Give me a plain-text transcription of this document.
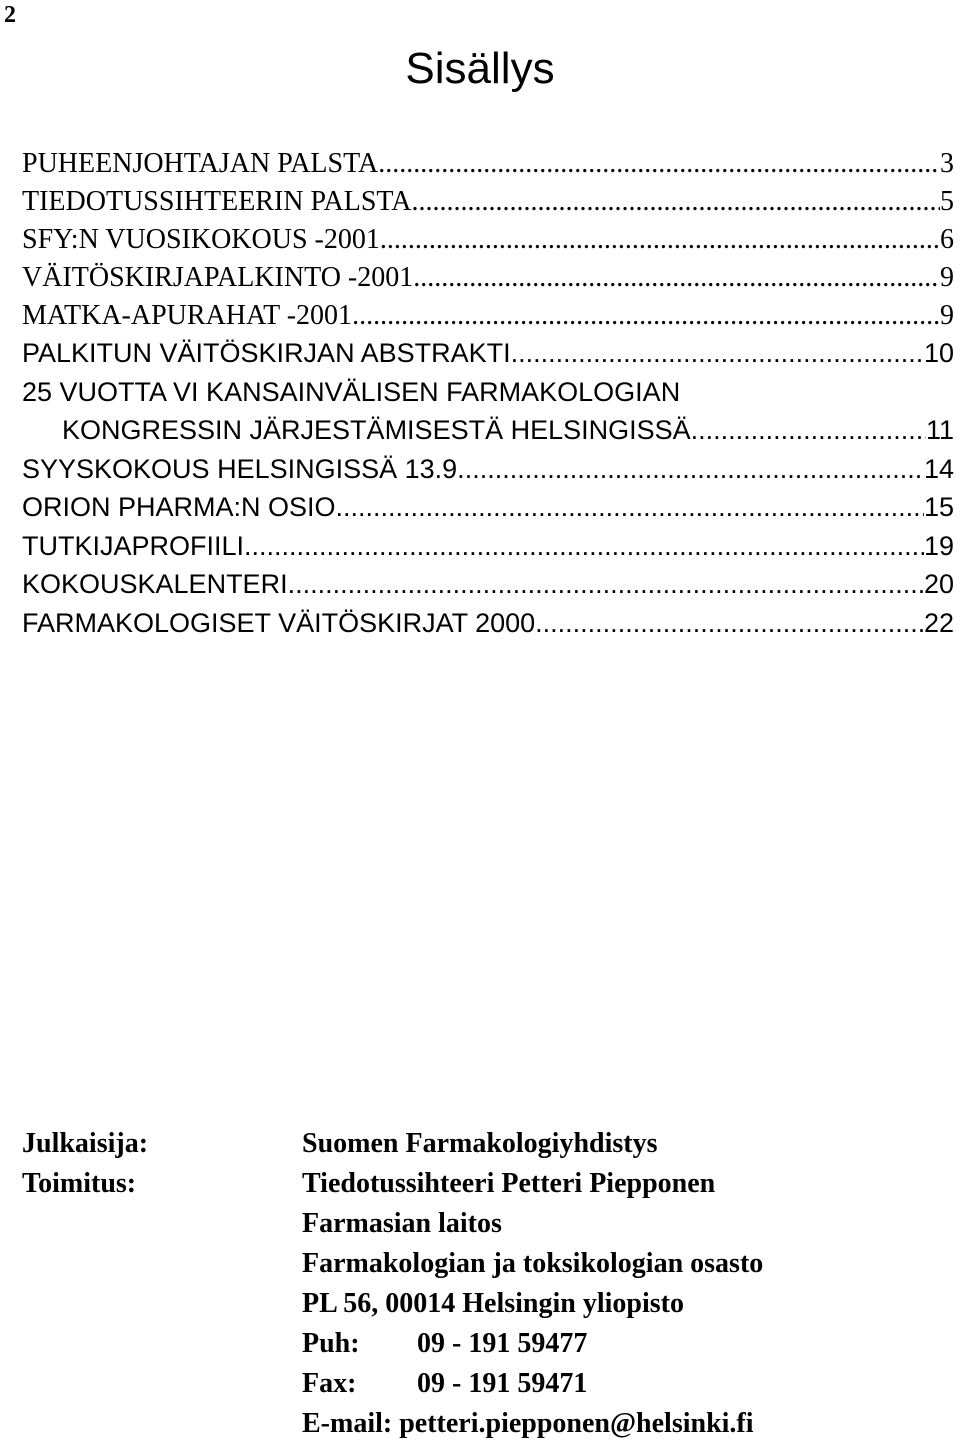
2
Sisällys
PUHEENJOHTAJAN PALSTA .....	3
TIEDOTUSSIHTEERIN PALSTA .....	5
SFY:N VUOSIKOKOUS -2001 .....	6
VÄITÖSKIRJAPALKINTO -2001 .....	9
MATKA-APURAHAT -2001 .....	9
PALKITUN VÄITÖSKIRJAN ABSTRAKTI .....	10
25 VUOTTA VI KANSAINVÄLISEN FARMAKOLOGIAN
KONGRESSIN JÄRJESTÄMISESTÄ HELSINGISSÄ .....	11
SYYSKOKOUS HELSINGISSÄ 13.9. .....	14
ORION PHARMA:N OSIO .....	15
TUTKIJAPROFIILI .....	19
KOKOUSKALENTERI .....	20
FARMAKOLOGISET VÄITÖSKIRJAT 2000 .....	22
Julkaisija:	Suomen Farmakologiyhdistys
Toimitus:	Tiedotussihteeri Petteri Piepponen
Farmasian laitos
Farmakologian ja toksikologian osasto
PL 56, 00014 Helsingin yliopisto
Puh: 09 - 191 59477
Fax: 09 - 191 59471
E-mail: petteri.piepponen@helsinki.fi
